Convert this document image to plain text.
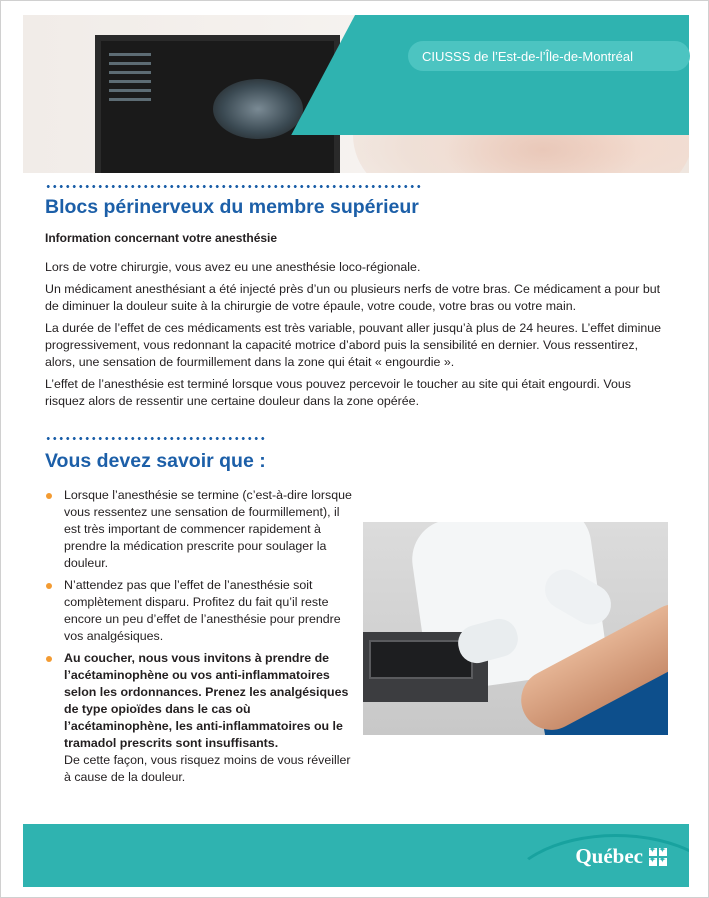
CIUSSS de l’Est-de-l’Île-de-Montréal
Blocs périnerveux du membre supérieur
Information concernant votre anesthésie

Lors de votre chirurgie, vous avez eu une anesthésie loco-régionale.

Un médicament anesthésiant a été injecté près d’un ou plusieurs nerfs de votre bras. Ce médicament a pour but de diminuer la douleur suite à la chirurgie de votre épaule, votre coude, votre bras ou votre main.

La durée de l’effet de ces médicaments est très variable, pouvant aller jusqu’à plus de 24 heures. L’effet diminue progressivement, vous redonnant la capacité motrice d’abord puis la sensibilité en dernier. Vous ressentirez, alors, une sensation de fourmillement dans la zone qui était « engourdie ».

L’effet de l’anesthésie est terminé lorsque vous pouvez percevoir le toucher au site qui était engourdi. Vous risquez alors de ressentir une certaine douleur dans la zone opérée.

Vous devez savoir que :
Lorsque l’anesthésie se termine (c’est-à-dire lorsque vous ressentez une sensation de fourmillement), il est très important de commencer rapidement à prendre la médication prescrite pour soulager la douleur.
N’attendez pas que l’effet de l’anesthésie soit complètement disparu. Profitez du fait qu’il reste encore un peu d’effet de l’anesthésie pour prendre vos analgésiques.
Au coucher, nous vous invitons à prendre de l’acétaminophène ou vos anti-inflammatoires selon les ordonnances. Prenez les analgésiques de type opioïdes dans le cas où l’acétaminophène, les anti-inflammatoires ou le tramadol prescrits sont insuffisants.
De cette façon, vous risquez moins de vous réveiller à cause de la douleur.
Québec
✦
✦
✦
✦
